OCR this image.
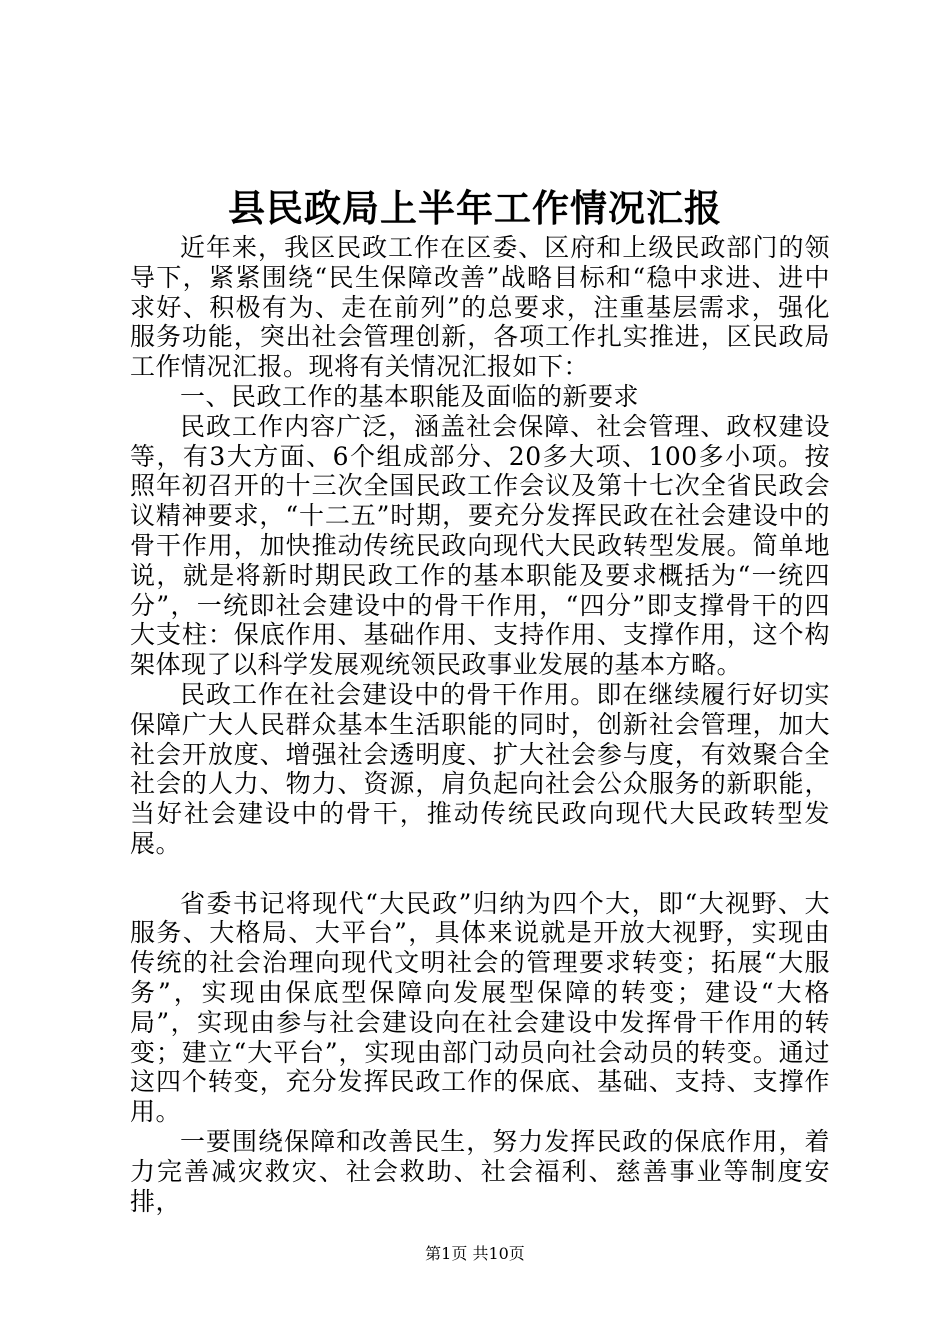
县民政局上半年工作情况汇报

近年来，我区民政工作在区委、区府和上级民政部门的领导下，紧紧围绕“民生保障改善”战略目标和“稳中求进、进中求好、积极有为、走在前列”的总要求，注重基层需求，强化服务功能，突出社会管理创新，各项工作扎实推进，区民政局工作情况汇报。现将有关情况汇报如下：

一、民政工作的基本职能及面临的新要求

民政工作内容广泛，涵盖社会保障、社会管理、政权建设等，有3大方面、6个组成部分、20多大项、100多小项。按照年初召开的十三次全国民政工作会议及第十七次全省民政会议精神要求，“十二五”时期，要充分发挥民政在社会建设中的骨干作用，加快推动传统民政向现代大民政转型发展。简单地说，就是将新时期民政工作的基本职能及要求概括为“一统四分”，一统即社会建设中的骨干作用，“四分”即支撑骨干的四大支柱：保底作用、基础作用、支持作用、支撑作用，这个构架体现了以科学发展观统领民政事业发展的基本方略。

民政工作在社会建设中的骨干作用。即在继续履行好切实保障广大人民群众基本生活职能的同时，创新社会管理，加大社会开放度、增强社会透明度、扩大社会参与度，有效聚合全社会的人力、物力、资源，肩负起向社会公众服务的新职能，当好社会建设中的骨干，推动传统民政向现代大民政转型发展。

省委书记将现代“大民政”归纳为四个大，即“大视野、大服务、大格局、大平台”，具体来说就是开放大视野，实现由传统的社会治理向现代文明社会的管理要求转变；拓展“大服务”，实现由保底型保障向发展型保障的转变；建设“大格局”，实现由参与社会建设向在社会建设中发挥骨干作用的转变；建立“大平台”，实现由部门动员向社会动员的转变。通过这四个转变，充分发挥民政工作的保底、基础、支持、支撑作用。

一要围绕保障和改善民生，努力发挥民政的保底作用，着力完善减灾救灾、社会救助、社会福利、慈善事业等制度安排，

第1页 共10页
